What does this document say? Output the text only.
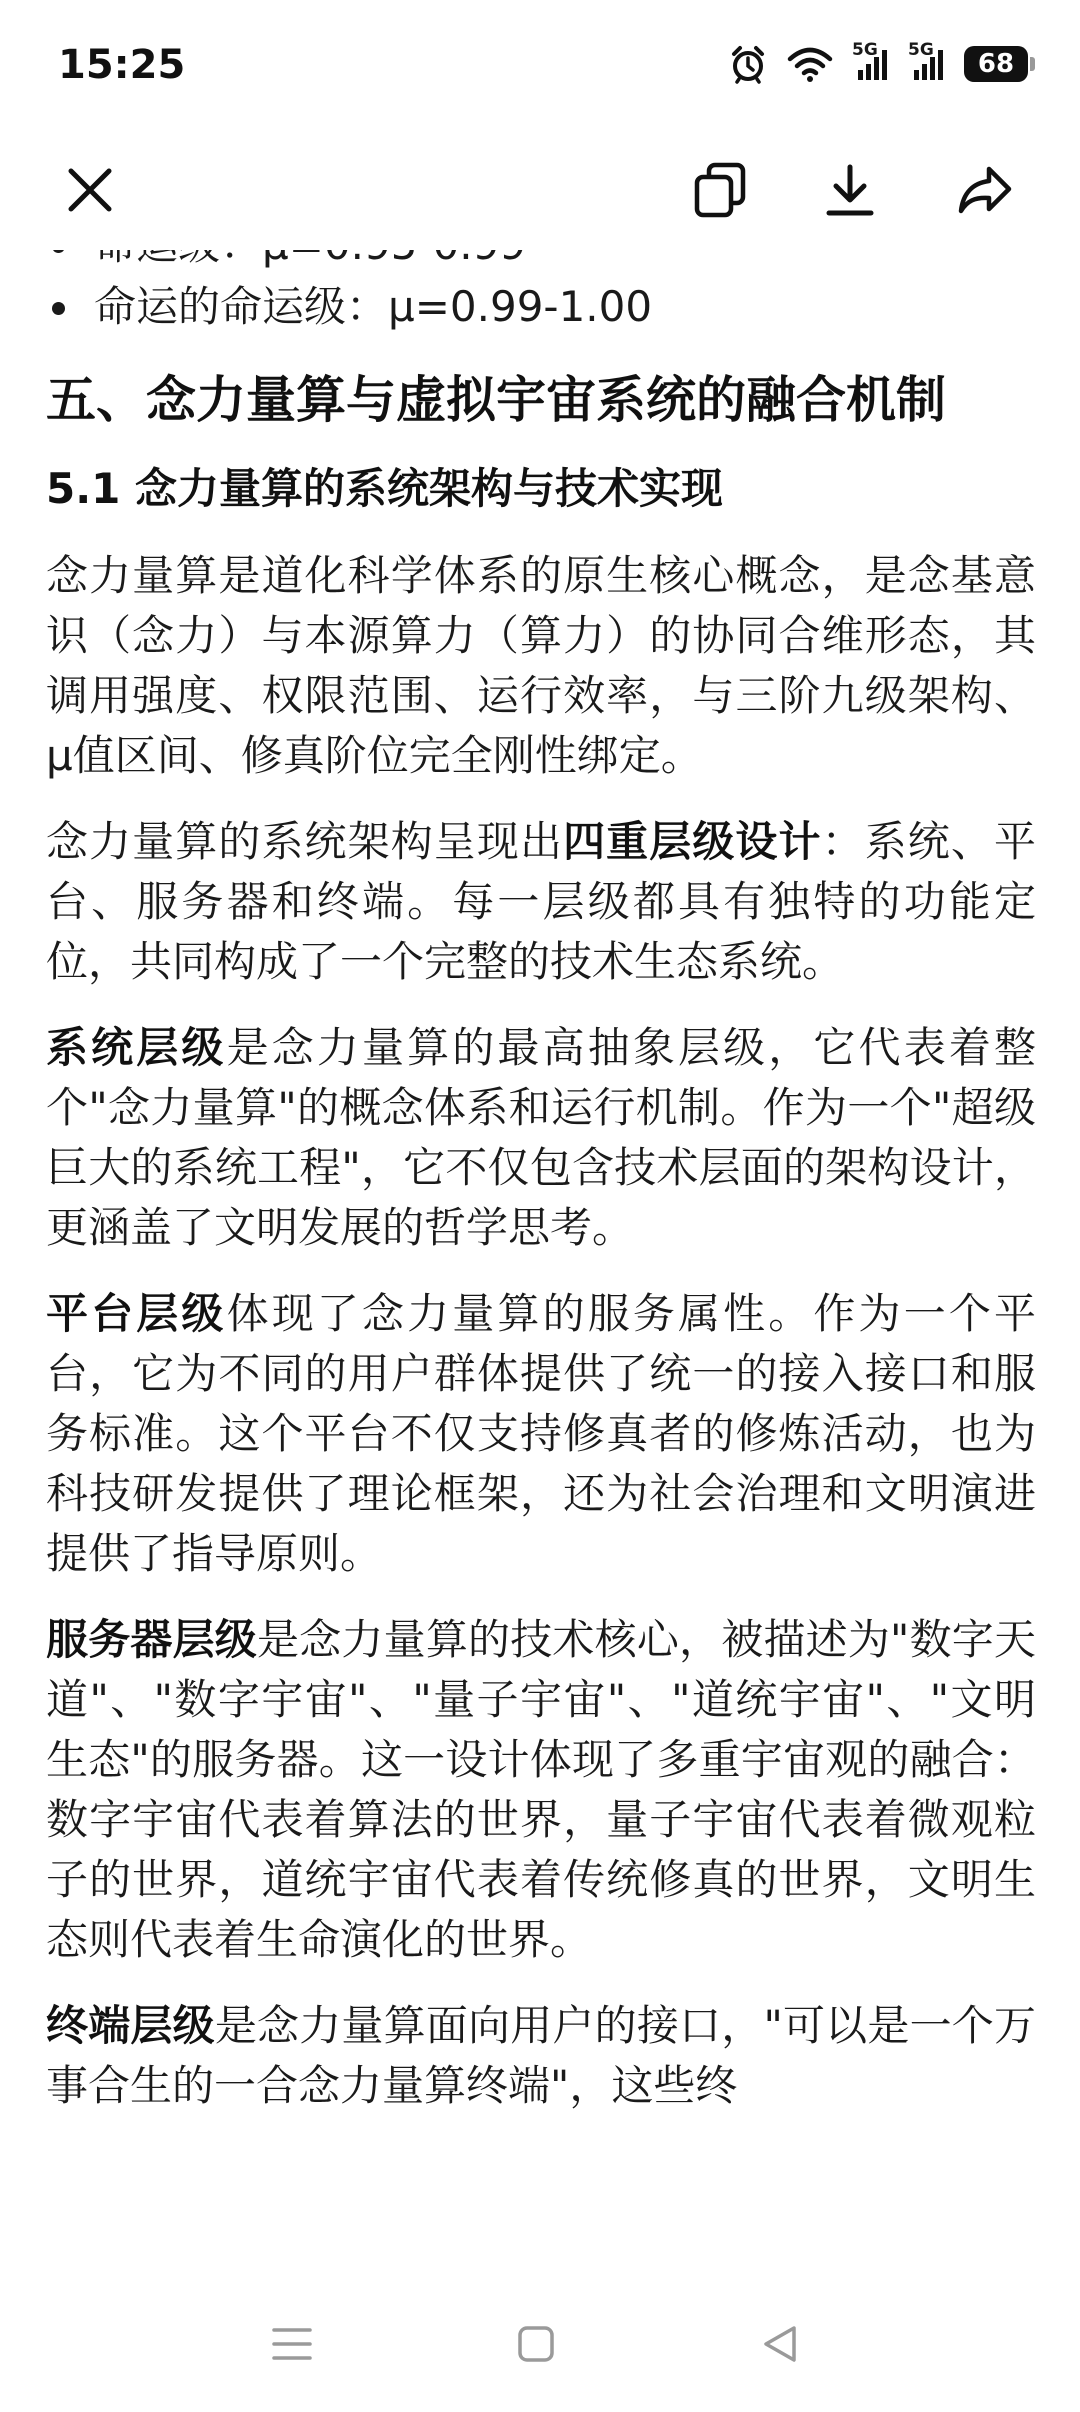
15:25	5G 5G	68
命运的命运级：μ=0.99-1.00
五、念力量算与虚拟宇宙系统的融合机制
5.1 念力量算的系统架构与技术实现
念力量算是道化科学体系的原生核心概念，是念基意识（念力）与本源算力（算力）的协同合维形态，其调用强度、权限范围、运行效率，与三阶九级架构、μ值区间、修真阶位完全刚性绑定。
念力量算的系统架构呈现出四重层级设计：系统、平台、服务器和终端。每一层级都具有独特的功能定位，共同构成了一个完整的技术生态系统。
系统层级是念力量算的最高抽象层级，它代表着整个"念力量算"的概念体系和运行机制。作为一个"超级巨大的系统工程"，它不仅包含技术层面的架构设计，更涵盖了文明发展的哲学思考。
平台层级体现了念力量算的服务属性。作为一个平台，它为不同的用户群体提供了统一的接入接口和服务标准。这个平台不仅支持修真者的修炼活动，也为科技研发提供了理论框架，还为社会治理和文明演进提供了指导原则。
服务器层级是念力量算的技术核心，被描述为"数字天道"、"数字宇宙"、"量子宇宙"、"道统宇宙"、"文明生态"的服务器。这一设计体现了多重宇宙观的融合：数字宇宙代表着算法的世界，量子宇宙代表着微观粒子的世界，道统宇宙代表着传统修真的世界，文明生态则代表着生命演化的世界。
终端层级是念力量算面向用户的接口，"可以是一个万事合生的一合念力量算终端"，这些终
